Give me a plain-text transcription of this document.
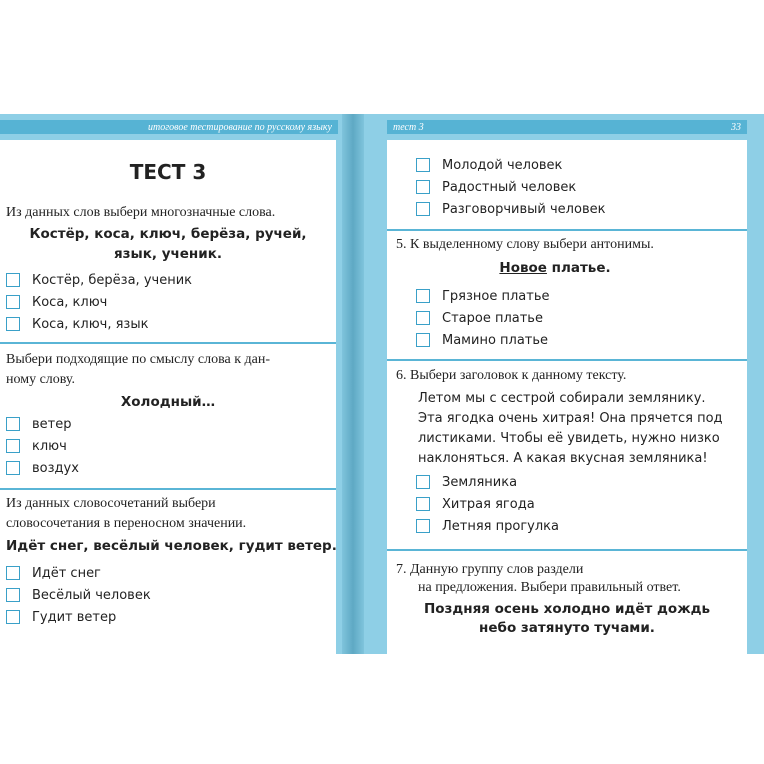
итоговое тестирование по русскому языку	тест 3	33
ТЕСТ 3
Из данных слов выбери многозначные слова.
Костёр, коса, ключ, берёза, ручей,
язык, ученик.
Костёр, берёза, ученик
Коса, ключ
Коса, ключ, язык
Выбери подходящие по смыслу слова к дан-
ному слову.
Холодный…
ветер
ключ
воздух
Из данных словосочетаний выбери
словосочетания в переносном значении.
Идёт снег, весёлый человек, гудит ветер.
Идёт снег
Весёлый человек
Гудит ветер
Молодой человек
Радостный человек
Разговорчивый человек
5. К выделенному слову выбери антонимы.
Новое платье.
Грязное платье
Старое платье
Мамино платье
6. Выбери заголовок к данному тексту.
Летом мы с сестрой собирали землянику.
Эта ягодка очень хитрая! Она прячется под
листиками. Чтобы её увидеть, нужно низко
наклоняться. А какая вкусная земляника!
Земляника
Хитрая ягода
Летняя прогулка
7. Данную группу слов раздели
на предложения. Выбери правильный ответ.
Поздняя осень холодно идёт дождь
небо затянуто тучами.
